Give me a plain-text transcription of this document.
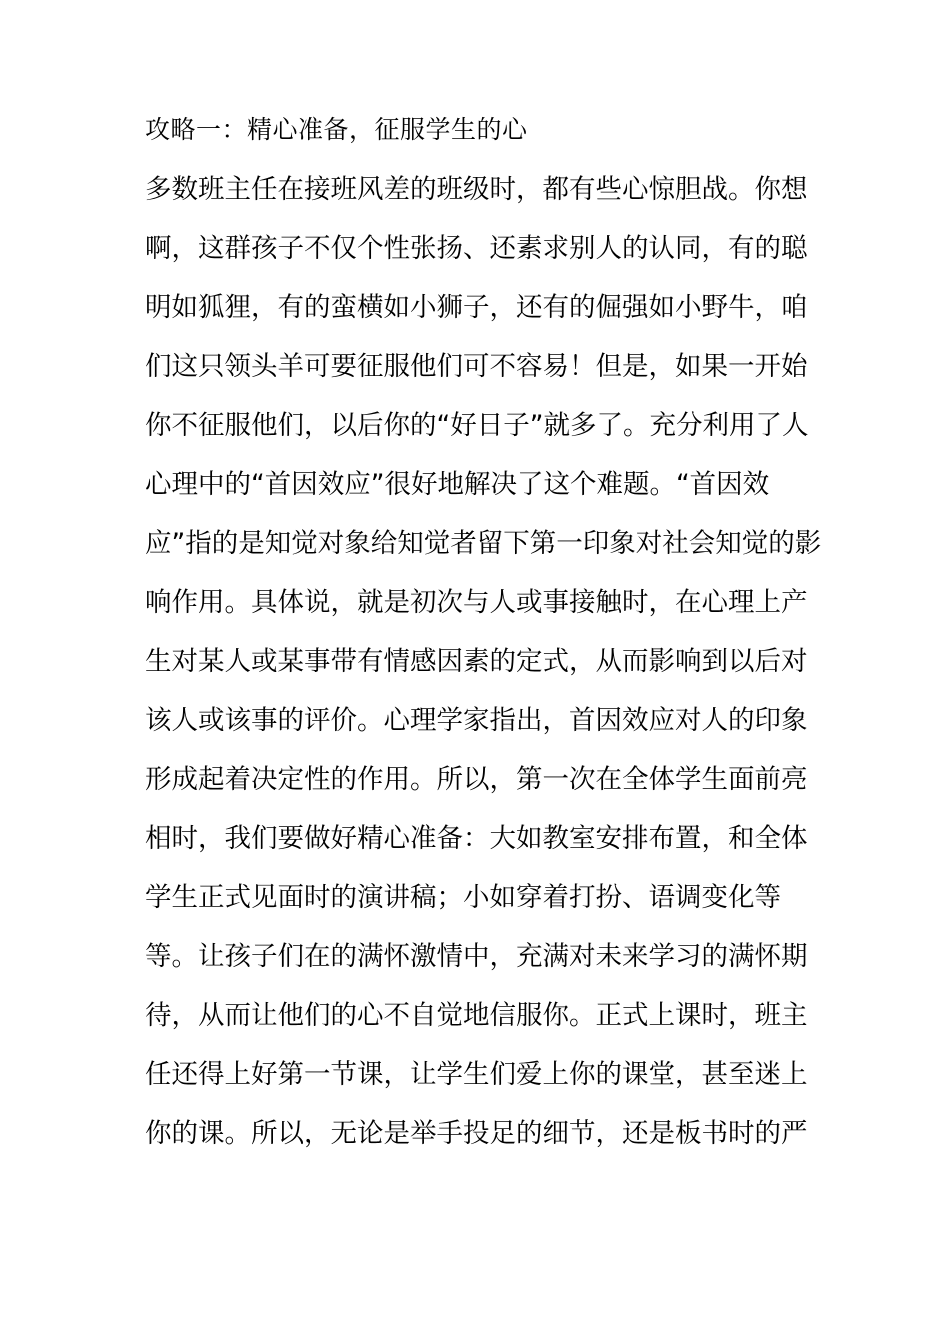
攻略一：精心准备，征服学生的心
多数班主任在接班风差的班级时，都有些心惊胆战。你想
啊，这群孩子不仅个性张扬、还素求别人的认同，有的聪
明如狐狸，有的蛮横如小狮子，还有的倔强如小野牛，咱
们这只领头羊可要征服他们可不容易！但是，如果一开始
你不征服他们，以后你的“好日子”就多了。充分利用了人
心理中的“首因效应”很好地解决了这个难题。“首因效
应”指的是知觉对象给知觉者留下第一印象对社会知觉的影
响作用。具体说，就是初次与人或事接触时，在心理上产
生对某人或某事带有情感因素的定式，从而影响到以后对
该人或该事的评价。心理学家指出，首因效应对人的印象
形成起着决定性的作用。所以，第一次在全体学生面前亮
相时，我们要做好精心准备：大如教室安排布置，和全体
学生正式见面时的演讲稿；小如穿着打扮、语调变化等
等。让孩子们在的满怀激情中，充满对未来学习的满怀期
待，从而让他们的心不自觉地信服你。正式上课时，班主
任还得上好第一节课，让学生们爱上你的课堂，甚至迷上
你的课。所以，无论是举手投足的细节，还是板书时的严
